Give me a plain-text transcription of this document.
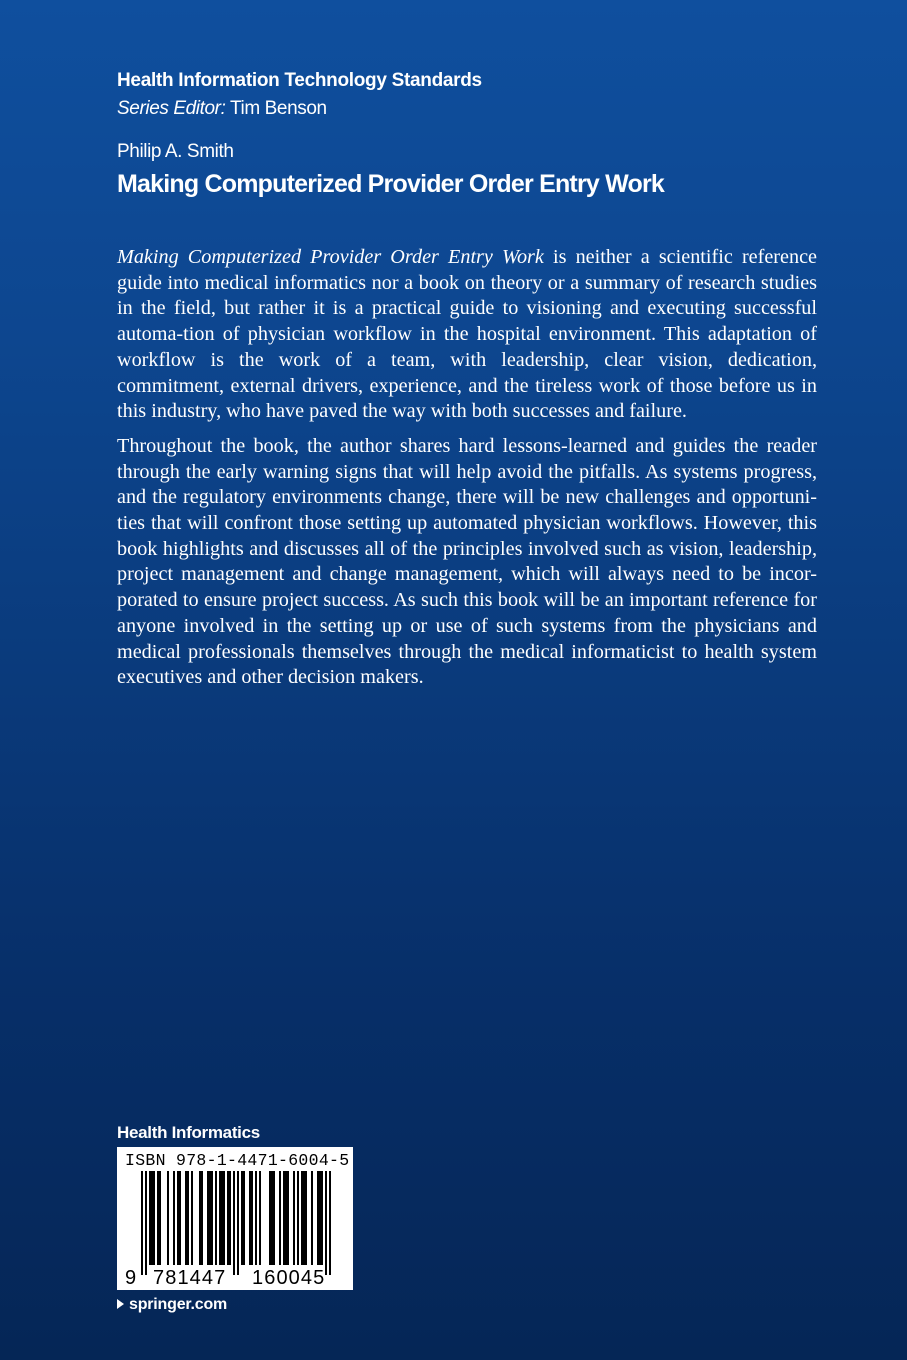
Health Information Technology Standards
Series Editor: Tim Benson
Philip A. Smith
Making Computerized Provider Order Entry Work

Making Computerized Provider Order Entry Work is neither a scientific reference guide into medical informatics nor a book on theory or a summary of research studies in the field, but rather it is a practical guide to visioning and executing successful automa-tion of physician workflow in the hospital environment. This adaptation of workflow is the work of a team, with leadership, clear vision, dedication, commitment, external drivers, experience, and the tireless work of those before us in this industry, who have paved the way with both successes and failure.

Throughout the book, the author shares hard lessons-learned and guides the reader through the early warning signs that will help avoid the pitfalls. As systems progress, and the regulatory environments change, there will be new challenges and opportuni-ties that will confront those setting up automated physician workflows. However, this book highlights and discusses all of the principles involved such as vision, leadership, project management and change management, which will always need to be incor-porated to ensure project success. As such this book will be an important reference for anyone involved in the setting up or use of such systems from the physicians and medical professionals themselves through the medical informaticist to health system executives and other decision makers.

Health Informatics
ISBN 978-1-4471-6004-5
9 781447 160045
springer.com
